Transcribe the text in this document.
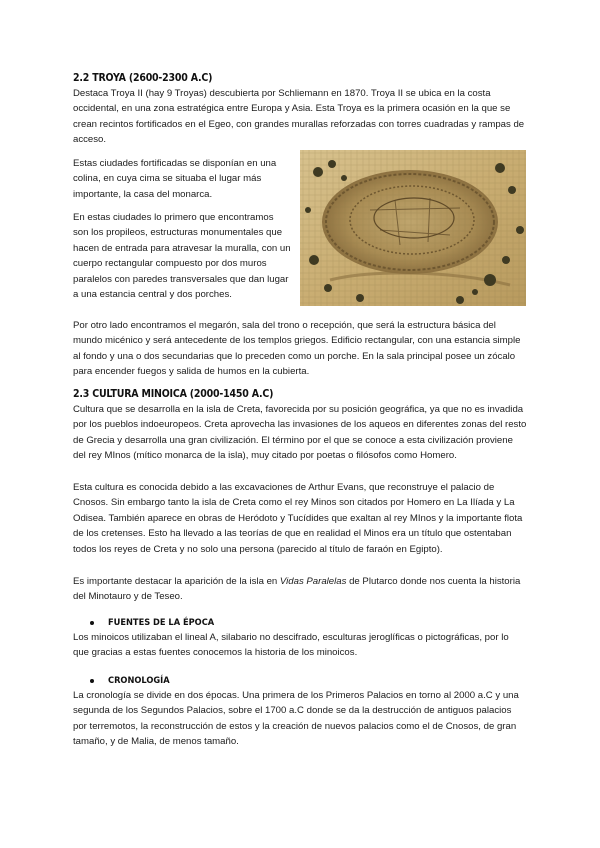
2.2 TROYA (2600-2300 A.C)

Destaca Troya II (hay 9 Troyas) descubierta por Schliemann en 1870. Troya II se ubica en la costa occidental, en una zona estratégica entre Europa y Asia. Esta Troya es la primera ocasión en la que se crean recintos fortificados en el Egeo, con grandes murallas reforzadas con torres cuadradas y rampas de acceso.

Estas ciudades fortificadas se disponían en una colina, en cuya cima se situaba el lugar más importante, la casa del monarca.

En estas ciudades lo primero que encontramos son los propileos, estructuras monumentales que hacen de entrada para atravesar la muralla, con un cuerpo rectangular compuesto por dos muros paralelos con paredes transversales que dan lugar a una estancia central y dos porches.

Por otro lado encontramos el megarón, sala del trono o recepción, que será la estructura básica del mundo micénico y será antecedente de los templos griegos. Edificio rectangular, con una estancia simple al fondo y una o dos secundarias que lo preceden como un porche. En la sala principal posee un zócalo para encender fuegos y salida de humos en la cubierta.

2.3 CULTURA MINOICA (2000-1450 A.C)

Cultura que se desarrolla en la isla de Creta, favorecida por su posición geográfica, ya que no es invadida por los pueblos indoeuropeos. Creta aprovecha las invasiones de los aqueos en diferentes zonas del resto de Grecia y desarrolla una gran civilización. El término por el que se conoce a esta civilización proviene del rey MInos (mítico monarca de la isla), muy citado por poetas o filósofos como Homero.

Esta cultura es conocida debido a las excavaciones de Arthur Evans, que reconstruye el palacio de Cnosos. Sin embargo tanto la isla de Creta como el rey Minos son citados por Homero en La Ilíada y La Odisea. También aparece en obras de Heródoto y Tucídides que exaltan al rey MInos y la importante flota de los cretenses. Esto ha llevado a las teorías de que en realidad el Minos era un título que ostentaban todos los reyes de Creta y no solo una persona (parecido al título de faraón en Egipto).

Es importante destacar la aparición de la isla en Vidas Paralelas de Plutarco donde nos cuenta la historia del Minotauro y de Teseo.

FUENTES DE LA ÉPOCA

Los minoicos utilizaban el lineal A, silabario no descifrado, esculturas jeroglíficas o pictográficas, por lo que gracias a estas fuentes conocemos la historia de los minoicos.

CRONOLOGÍA

La cronología se divide en dos épocas. Una primera de los Primeros Palacios en torno al 2000 a.C y una segunda de los Segundos Palacios, sobre el 1700 a.C donde se da la destrucción de antiguos palacios por terremotos, la reconstrucción de estos y la creación de nuevos palacios como el de Cnosos, de gran tamaño, y de Malia, de menos tamaño.
